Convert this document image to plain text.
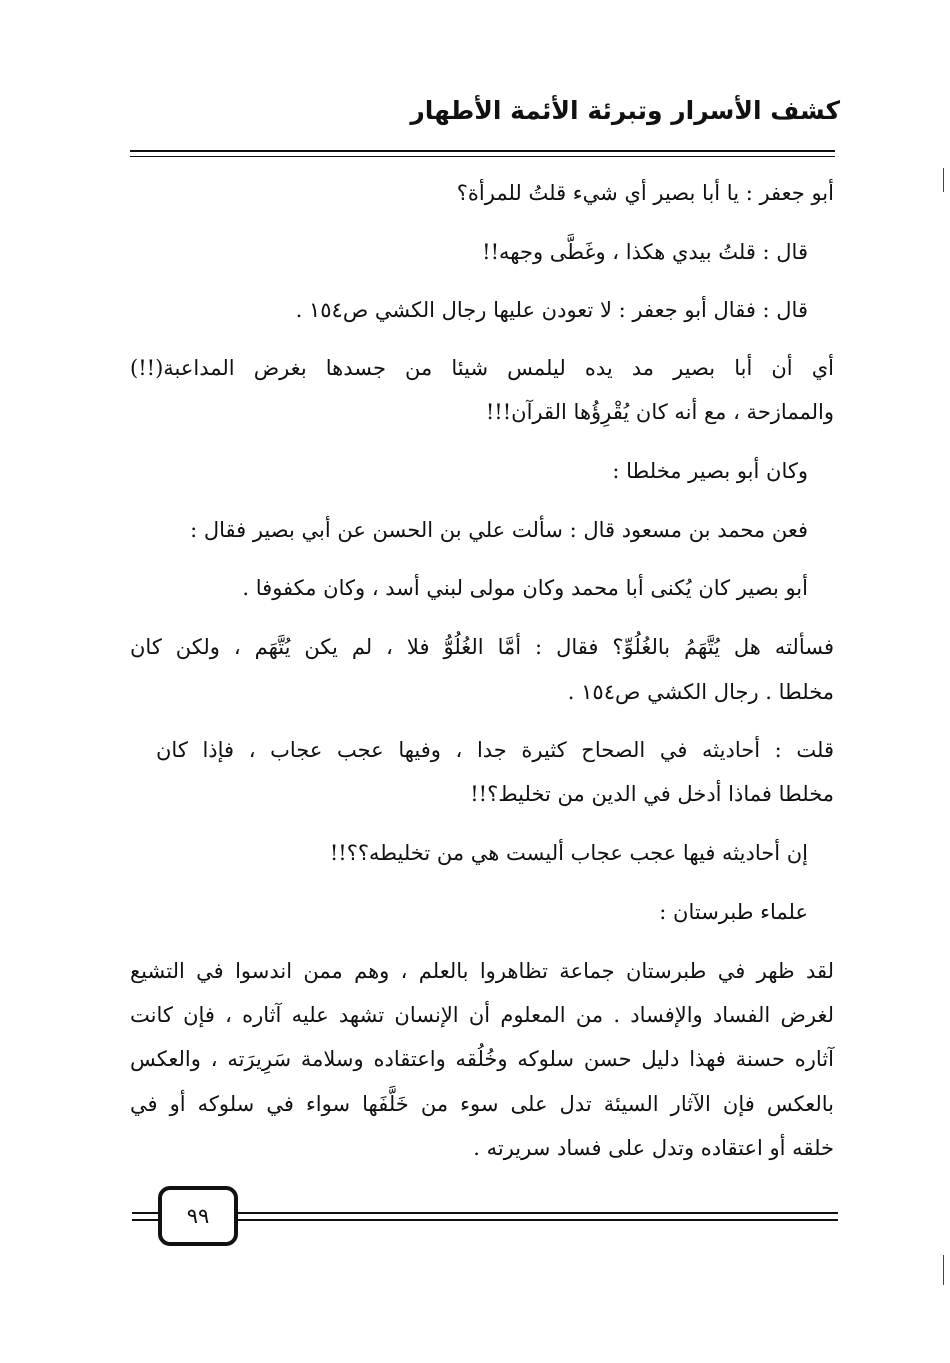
كشف الأسرار وتبرئة الأئمة الأطهار
أبو جعفر : يا أبا بصير أي شيء قلتُ للمرأة؟
قال : قلتُ بيدي هكذا ، وغَطَّى وجهه!!
قال : فقال أبو جعفر : لا تعودن عليها رجال الكشي ص١٥٤ .
أي أن أبا بصير مد يده ليلمس شيئا من جسدها بغرض المداعبة(!!)
والممازحة ، مع أنه كان يُقْرِؤُها القرآن!!!
وكان أبو بصير مخلطا :
فعن محمد بن مسعود قال : سألت علي بن الحسن عن أبي بصير فقال :
أبو بصير كان يُكنى أبا محمد وكان مولى لبني أسد ، وكان مكفوفا .
فسألته هل يُتَّهَمُ بالغُلُوِّ؟ فقال : أمَّا الغُلُوُّ فلا ، لم يكن يُتَّهَم ، ولكن كان
مخلطا . رجال الكشي ص١٥٤ .
قلت : أحاديثه في الصحاح كثيرة جدا ، وفيها عجب عجاب ، فإذا كان
مخلطا فماذا أدخل في الدين من تخليط؟!!
إن أحاديثه فيها عجب عجاب أليست هي من تخليطه؟؟!!
علماء طبرستان :
لقد ظهر في طبرستان جماعة تظاهروا بالعلم ، وهم ممن اندسوا في التشيع
لغرض الفساد والإفساد . من المعلوم أن الإنسان تشهد عليه آثاره ، فإن كانت
آثاره حسنة فهذا دليل حسن سلوكه وخُلُقه واعتقاده وسلامة سَرِيرَته ، والعكس
بالعكس فإن الآثار السيئة تدل على سوء من خَلَّفَها سواء في سلوكه أو في
خلقه أو اعتقاده وتدل على فساد سريرته .
٩٩
